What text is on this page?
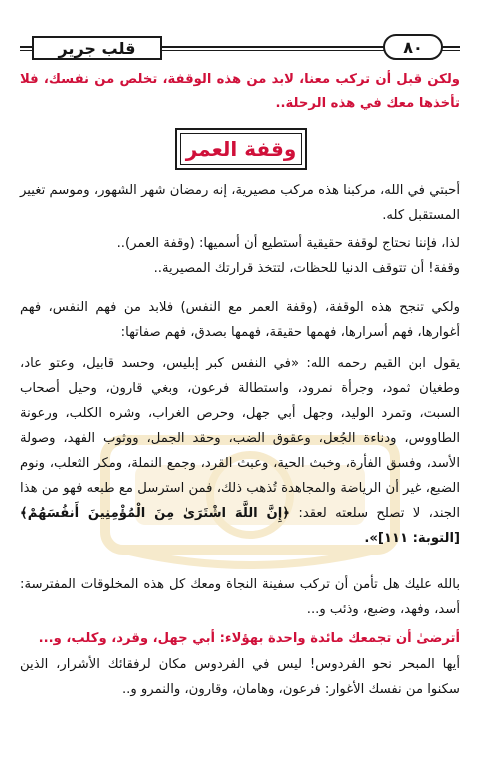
قلب جرير	٨٠

ولكن قبل أن تركب معنا، لابد من هذه الوقفة، تخلص من نفسك، فلا تأخذها معك في هذه الرحلة..

وقفة العمر

أحبتي في الله، مركبنا هذه مركب مصيرية، إنه رمضان شهر الشهور، وموسم تغيير المستقبل كله.

لذا، فإننا نحتاج لوقفة حقيقية أستطيع أن أسميها: (وقفة العمر)..

وقفة! أن تتوقف الدنيا للحظات، لتتخذ قرارتك المصيرية..

ولكي تنجح هذه الوقفة، (وقفة العمر مع النفس) فلابد من فهم النفس، فهم أغوارها، فهم أسرارها، فهمها حقيقة، فهمها بصدق، فهم صفاتها:

يقول ابن القيم رحمه الله: «في النفس كبر إبليس، وحسد قابيل، وعتو عاد، وطغيان ثمود، وجرأة نمرود، واستطالة فرعون، وبغي قارون، وحيل أصحاب السبت، وتمرد الوليد، وجهل أبي جهل، وحرص الغراب، وشره الكلب، ورعونة الطاووس، ودناءة الجُعل، وعقوق الضب، وحقد الجمل، ووثوب الفهد، وصولة الأسد، وفسق الفأرة، وخبث الحية، وعبث القرد، وجمع النملة، ومكر الثعلب، ونوم الضبع، غير أن الرياضة والمجاهدة تُذهب ذلك، فمن استرسل مع طبعه فهو من هذا الجند، لا تصلح سلعته لعقد: ﴿إِنَّ اللَّهَ اشْتَرَىٰ مِنَ الْمُؤْمِنِينَ أَنفُسَهُمْ﴾ [التوبة: ١١١]».

بالله عليك هل تأمن أن تركب سفينة النجاة ومعك كل هذه المخلوقات المفترسة: أسد، وفهد، وضبع، وذئب و...

أترضىٰ أن تجمعك مائدة واحدة بهؤلاء: أبي جهل، وقرد، وكلب، و...

أيها المبحر نحو الفردوس! ليس في الفردوس مكان لرفقائك الأشرار، الذين سكنوا من نفسك الأغوار: فرعون، وهامان، وقارون، والنمرو و..
